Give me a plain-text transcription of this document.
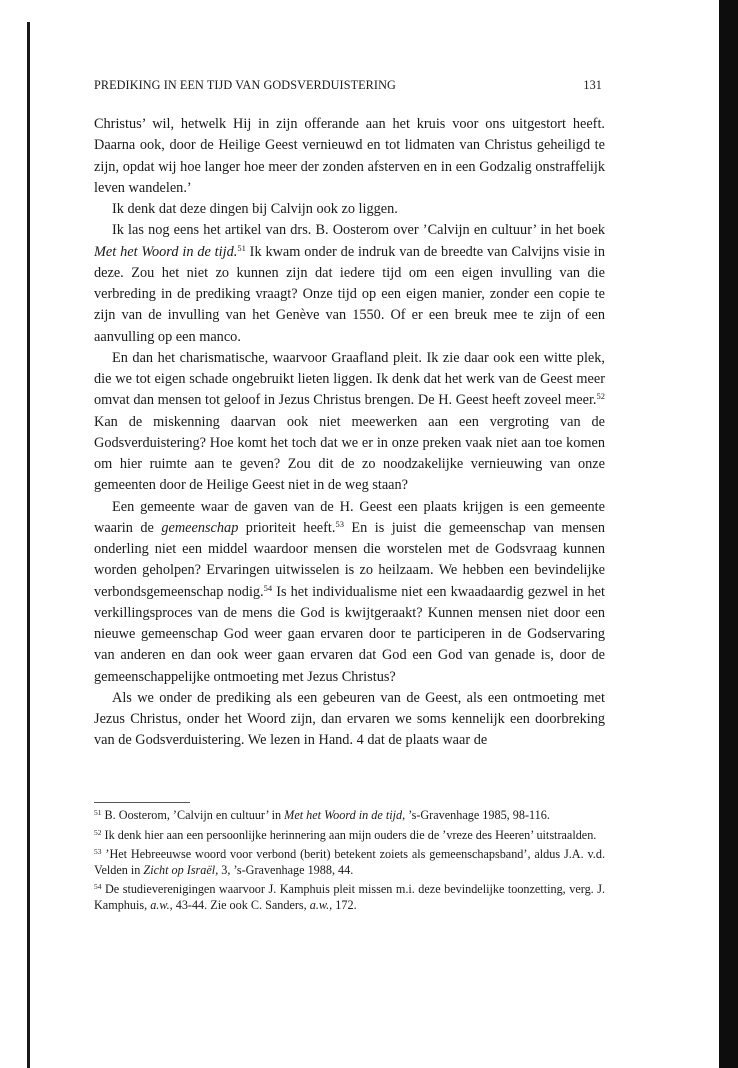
PREDIKING IN EEN TIJD VAN GODSVERDUISTERING	131

Christus’ wil, hetwelk Hij in zijn offerande aan het kruis voor ons uitgestort heeft. Daarna ook, door de Heilige Geest vernieuwd en tot lidmaten van Christus geheiligd te zijn, opdat wij hoe langer hoe meer der zonden afsterven en in een Godzalig onstraffelijk leven wandelen.’

Ik denk dat deze dingen bij Calvijn ook zo liggen.

Ik las nog eens het artikel van drs. B. Oosterom over ’Calvijn en cultuur’ in het boek Met het Woord in de tijd.$^{51}$ Ik kwam onder de indruk van de breedte van Calvijns visie in deze. Zou het niet zo kunnen zijn dat iedere tijd om een eigen invulling van die verbreding in de prediking vraagt? Onze tijd op een eigen manier, zonder een copie te zijn van de invulling van het Genève van 1550. Of er een breuk mee te zijn of een aanvulling op een manco.

En dan het charismatische, waarvoor Graafland pleit. Ik zie daar ook een witte plek, die we tot eigen schade ongebruikt lieten liggen. Ik denk dat het werk van de Geest meer omvat dan mensen tot geloof in Jezus Christus brengen. De H. Geest heeft zoveel meer.$^{52}$ Kan de miskenning daarvan ook niet meewerken aan een vergroting van de Godsverduistering? Hoe komt het toch dat we er in onze preken vaak niet aan toe komen om hier ruimte aan te geven? Zou dit de zo noodzakelijke vernieuwing van onze gemeenten door de Heilige Geest niet in de weg staan?

Een gemeente waar de gaven van de H. Geest een plaats krijgen is een gemeente waarin de gemeenschap prioriteit heeft.$^{53}$ En is juist die gemeenschap van mensen onderling niet een middel waardoor mensen die worstelen met de Godsvraag kunnen worden geholpen? Ervaringen uitwisselen is zo heilzaam. We hebben een bevindelijke verbondsgemeenschap nodig.$^{54}$ Is het individualisme niet een kwaadaardig gezwel in het verkillingsproces van de mens die God is kwijtgeraakt? Kunnen mensen niet door een nieuwe gemeenschap God weer gaan ervaren door te participeren in de Godservaring van anderen en dan ook weer gaan ervaren dat God een God van genade is, door de gemeenschappelijke ontmoeting met Jezus Christus?

Als we onder de prediking als een gebeuren van de Geest, als een ontmoeting met Jezus Christus, onder het Woord zijn, dan ervaren we soms kennelijk een doorbreking van de Godsverduistering. We lezen in Hand. 4 dat de plaats waar de

$^{51}$ B. Oosterom, ’Calvijn en cultuur’ in Met het Woord in de tijd, ’s-Gravenhage 1985, 98-116.

$^{52}$ Ik denk hier aan een persoonlijke herinnering aan mijn ouders die de ’vreze des Heeren’ uitstraalden.

$^{53}$ ’Het Hebreeuwse woord voor verbond (berit) betekent zoiets als gemeenschapsband’, aldus J.A. v.d. Velden in Zicht op Israël, 3, ’s-Gravenhage 1988, 44.

$^{54}$ De studieverenigingen waarvoor J. Kamphuis pleit missen m.i. deze bevindelijke toonzetting, verg. J. Kamphuis, a.w., 43-44. Zie ook C. Sanders, a.w., 172.
